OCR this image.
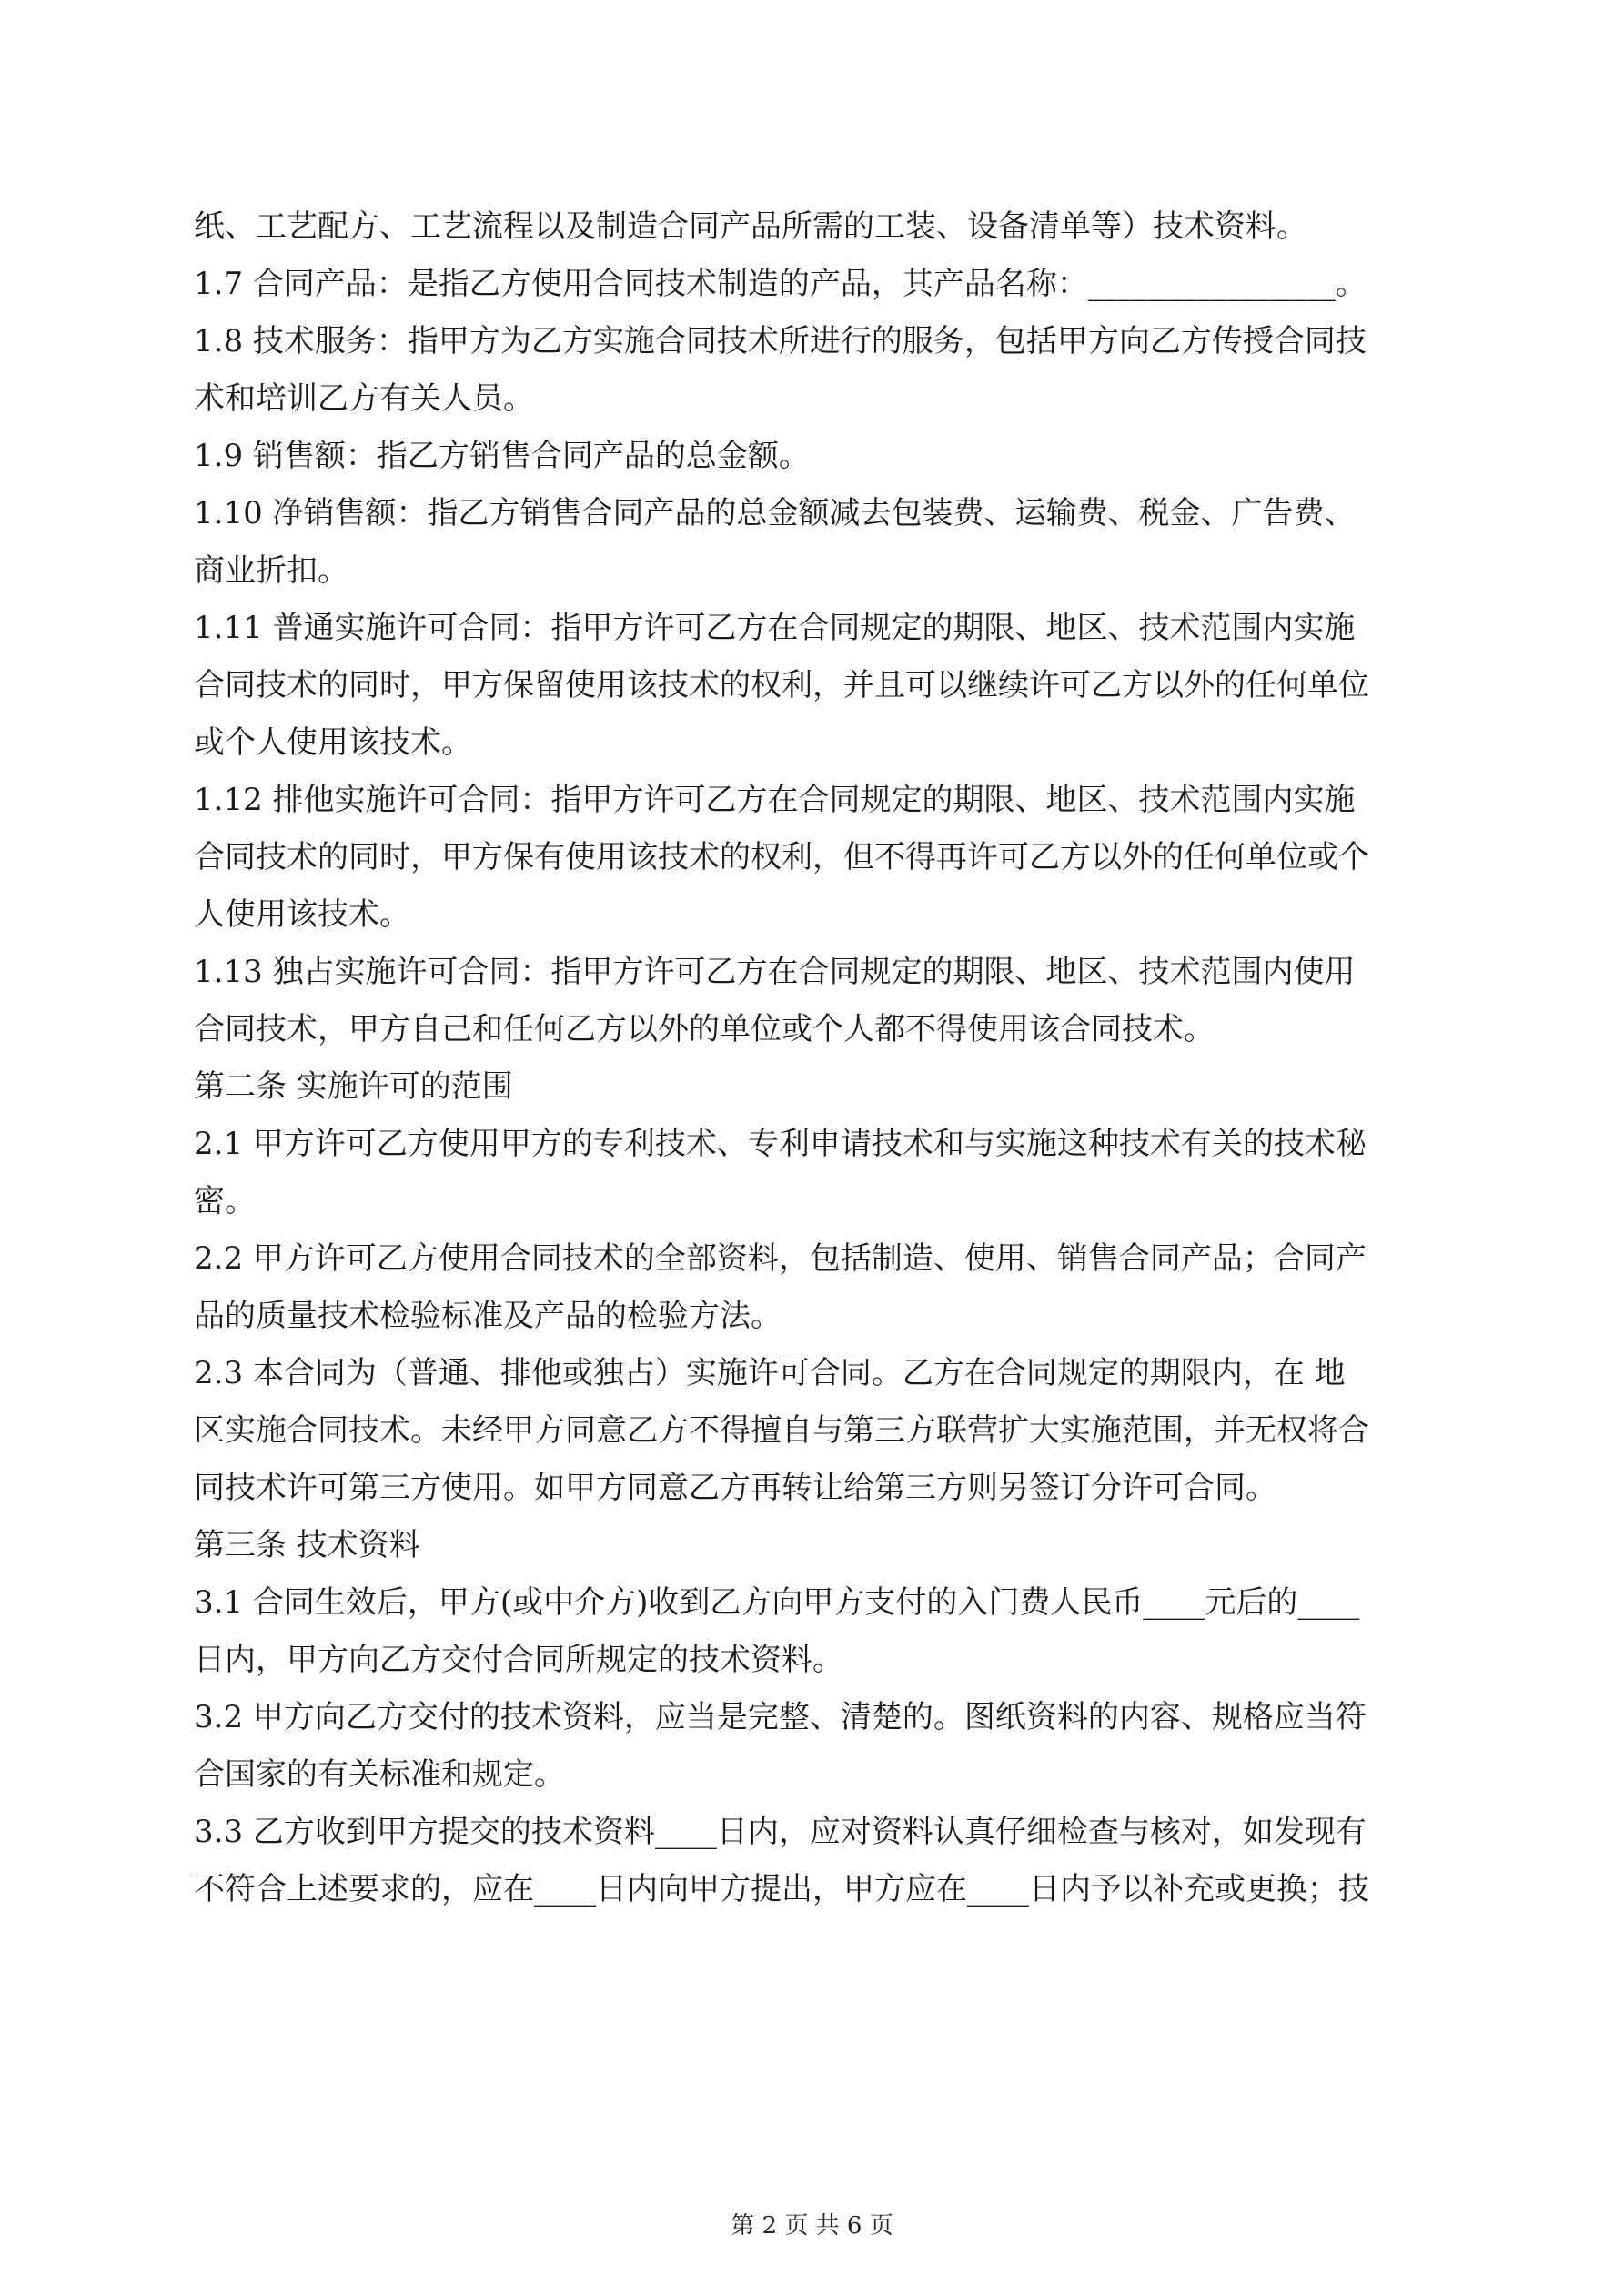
纸、工艺配方、工艺流程以及制造合同产品所需的工装、设备清单等）技术资料。
1.7 合同产品：是指乙方使用合同技术制造的产品，其产品名称：________________。
1.8 技术服务：指甲方为乙方实施合同技术所进行的服务，包括甲方向乙方传授合同技
术和培训乙方有关人员。
1.9 销售额：指乙方销售合同产品的总金额。
1.10 净销售额：指乙方销售合同产品的总金额减去包装费、运输费、税金、广告费、
商业折扣。
1.11 普通实施许可合同：指甲方许可乙方在合同规定的期限、地区、技术范围内实施
合同技术的同时，甲方保留使用该技术的权利，并且可以继续许可乙方以外的任何单位
或个人使用该技术。
1.12 排他实施许可合同：指甲方许可乙方在合同规定的期限、地区、技术范围内实施
合同技术的同时，甲方保有使用该技术的权利，但不得再许可乙方以外的任何单位或个
人使用该技术。
1.13 独占实施许可合同：指甲方许可乙方在合同规定的期限、地区、技术范围内使用
合同技术，甲方自己和任何乙方以外的单位或个人都不得使用该合同技术。
第二条 实施许可的范围
2.1 甲方许可乙方使用甲方的专利技术、专利申请技术和与实施这种技术有关的技术秘
密。
2.2 甲方许可乙方使用合同技术的全部资料，包括制造、使用、销售合同产品；合同产
品的质量技术检验标准及产品的检验方法。
2.3 本合同为（普通、排他或独占）实施许可合同。乙方在合同规定的期限内，在 地
区实施合同技术。未经甲方同意乙方不得擅自与第三方联营扩大实施范围，并无权将合
同技术许可第三方使用。如甲方同意乙方再转让给第三方则另签订分许可合同。
第三条 技术资料
3.1 合同生效后，甲方(或中介方)收到乙方向甲方支付的入门费人民币____元后的____
日内，甲方向乙方交付合同所规定的技术资料。
3.2 甲方向乙方交付的技术资料，应当是完整、清楚的。图纸资料的内容、规格应当符
合国家的有关标准和规定。
3.3 乙方收到甲方提交的技术资料____日内，应对资料认真仔细检查与核对，如发现有
不符合上述要求的，应在____日内向甲方提出，甲方应在____日内予以补充或更换；技
第 2 页 共 6 页
